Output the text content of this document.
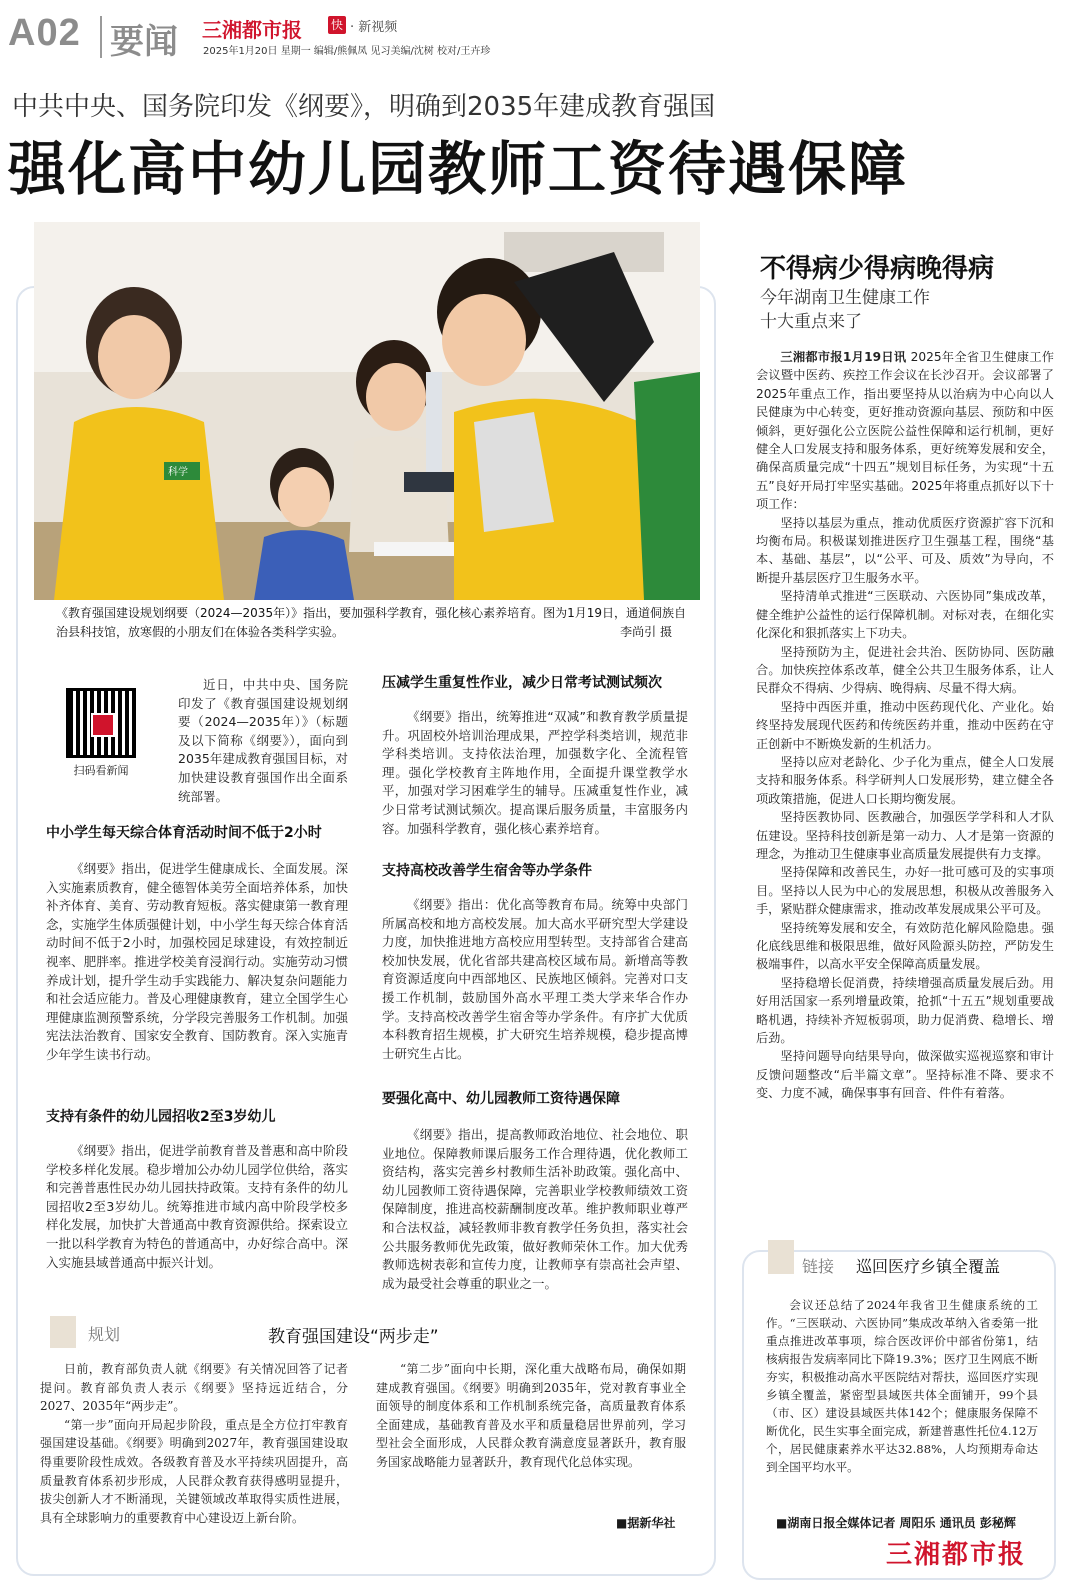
A02 要闻 三湘都市报 快 · 新视频
2025年1月20日 星期一 编辑/熊佩凤 见习美编/沈树 校对/王卉珍
中共中央、国务院印发《纲要》，明确到2035年建成教育强国
强化高中幼儿园教师工资待遇保障
科学
《教育强国建设规划纲要（2024—2035年）》指出，要加强科学教育，强化核心素养培育。图为1月19日，通道侗族自治县科技馆，放寒假的小朋友们在体验各类科学实验。	李尚引 摄
扫码看新闻

近日，中共中央、国务院印发了《教育强国建设规划纲要（2024—2035年）》（标题及以下简称《纲要》），面向到2035年建成教育强国目标，对加快建设教育强国作出全面系统部署。

中小学生每天综合体育活动时间不低于2小时

《纲要》指出，促进学生健康成长、全面发展。深入实施素质教育，健全德智体美劳全面培养体系，加快补齐体育、美育、劳动教育短板。落实健康第一教育理念，实施学生体质强健计划，中小学生每天综合体育活动时间不低于2小时，加强校园足球建设，有效控制近视率、肥胖率。推进学校美育浸润行动。实施劳动习惯养成计划，提升学生动手实践能力、解决复杂问题能力和社会适应能力。普及心理健康教育，建立全国学生心理健康监测预警系统，分学段完善服务工作机制。加强宪法法治教育、国家安全教育、国防教育。深入实施青少年学生读书行动。

支持有条件的幼儿园招收2至3岁幼儿

《纲要》指出，促进学前教育普及普惠和高中阶段学校多样化发展。稳步增加公办幼儿园学位供给，落实和完善普惠性民办幼儿园扶持政策。支持有条件的幼儿园招收2至3岁幼儿。统筹推进市域内高中阶段学校多样化发展，加快扩大普通高中教育资源供给。探索设立一批以科学教育为特色的普通高中，办好综合高中。深入实施县域普通高中振兴计划。

压减学生重复性作业，减少日常考试测试频次

《纲要》指出，统筹推进“双减”和教育教学质量提升。巩固校外培训治理成果，严控学科类培训，规范非学科类培训。支持依法治理，加强数字化、全流程管理。强化学校教育主阵地作用，全面提升课堂教学水平，加强对学习困难学生的辅导。压减重复性作业，减少日常考试测试频次。提高课后服务质量，丰富服务内容。加强科学教育，强化核心素养培育。

支持高校改善学生宿舍等办学条件

《纲要》指出：优化高等教育布局。统筹中央部门所属高校和地方高校发展。加大高水平研究型大学建设力度，加快推进地方高校应用型转型。支持部省合建高校加快发展，优化省部共建高校区域布局。新增高等教育资源适度向中西部地区、民族地区倾斜。完善对口支援工作机制，鼓励国外高水平理工类大学来华合作办学。支持高校改善学生宿舍等办学条件。有序扩大优质本科教育招生规模，扩大研究生培养规模，稳步提高博士研究生占比。

要强化高中、幼儿园教师工资待遇保障

《纲要》指出，提高教师政治地位、社会地位、职业地位。保障教师课后服务工作合理待遇，优化教师工资结构，落实完善乡村教师生活补助政策。强化高中、幼儿园教师工资待遇保障，完善职业学校教师绩效工资保障制度，推进高校薪酬制度改革。维护教师职业尊严和合法权益，减轻教师非教育教学任务负担，落实社会公共服务教师优先政策，做好教师荣休工作。加大优秀教师选树表彰和宣传力度，让教师享有崇高社会声望、成为最受社会尊重的职业之一。

规划	教育强国建设“两步走”

日前，教育部负责人就《纲要》有关情况回答了记者提问。教育部负责人表示《纲要》坚持远近结合，分2027、2035年“两步走”。

“第一步”面向开局起步阶段，重点是全方位打牢教育强国建设基础。《纲要》明确到2027年，教育强国建设取得重要阶段性成效。各级教育普及水平持续巩固提升，高质量教育体系初步形成，人民群众教育获得感明显提升，拔尖创新人才不断涌现，关键领域改革取得实质性进展，具有全球影响力的重要教育中心建设迈上新台阶。

“第二步”面向中长期，深化重大战略布局，确保如期建成教育强国。《纲要》明确到2035年，党对教育事业全面领导的制度体系和工作机制系统完备，高质量教育体系全面建成，基础教育普及水平和质量稳居世界前列，学习型社会全面形成，人民群众教育满意度显著跃升，教育服务国家战略能力显著跃升，教育现代化总体实现。

■据新华社
不得病少得病晚得病
今年湖南卫生健康工作
十大重点来了

三湘都市报1月19日讯 2025年全省卫生健康工作会议暨中医药、疾控工作会议在长沙召开。会议部署了2025年重点工作，指出要坚持从以治病为中心向以人民健康为中心转变，更好推动资源向基层、预防和中医倾斜，更好强化公立医院公益性保障和运行机制，更好健全人口发展支持和服务体系，更好统筹发展和安全，确保高质量完成“十四五”规划目标任务，为实现“十五五”良好开局打牢坚实基础。2025年将重点抓好以下十项工作：

坚持以基层为重点，推动优质医疗资源扩容下沉和均衡布局。积极谋划推进医疗卫生强基工程，围绕“基本、基础、基层”，以“公平、可及、质效”为导向，不断提升基层医疗卫生服务水平。

坚持清单式推进“三医联动、六医协同”集成改革，健全维护公益性的运行保障机制。对标对表，在细化实化深化和狠抓落实上下功夫。

坚持预防为主，促进社会共治、医防协同、医防融合。加快疾控体系改革，健全公共卫生服务体系，让人民群众不得病、少得病、晚得病、尽量不得大病。

坚持中西医并重，推动中医药现代化、产业化。始终坚持发展现代医药和传统医药并重，推动中医药在守正创新中不断焕发新的生机活力。

坚持以应对老龄化、少子化为重点，健全人口发展支持和服务体系。科学研判人口发展形势，建立健全各项政策措施，促进人口长期均衡发展。

坚持医教协同、医教融合，加强医学学科和人才队伍建设。坚持科技创新是第一动力、人才是第一资源的理念，为推动卫生健康事业高质量发展提供有力支撑。

坚持保障和改善民生，办好一批可感可及的实事项目。坚持以人民为中心的发展思想，积极从改善服务入手，紧贴群众健康需求，推动改革发展成果公平可及。

坚持统筹发展和安全，有效防范化解风险隐患。强化底线思维和极限思维，做好风险源头防控，严防发生极端事件，以高水平安全保障高质量发展。

坚持稳增长促消费，持续增强高质量发展后劲。用好用活国家一系列增量政策，抢抓“十五五”规划重要战略机遇，持续补齐短板弱项，助力促消费、稳增长、增后劲。

坚持问题导向结果导向，做深做实巡视巡察和审计反馈问题整改“后半篇文章”。坚持标准不降、要求不变、力度不减，确保事事有回音、件件有着落。

链接 巡回医疗乡镇全覆盖

会议还总结了2024年我省卫生健康系统的工作。“三医联动、六医协同”集成改革纳入省委第一批重点推进改革事项，综合医改评价中部省份第1，结核病报告发病率同比下降19.3%；医疗卫生网底不断夯实，积极推动高水平医院结对帮扶，巡回医疗实现乡镇全覆盖，紧密型县域医共体全面铺开，99个县（市、区）建设县域医共体142个；健康服务保障不断优化，民生实事全面完成，新建普惠性托位4.12万个，居民健康素养水平达32.88%，人均预期寿命达到全国平均水平。

■湖南日报全媒体记者 周阳乐 通讯员 彭秘辉
三湘都市报
